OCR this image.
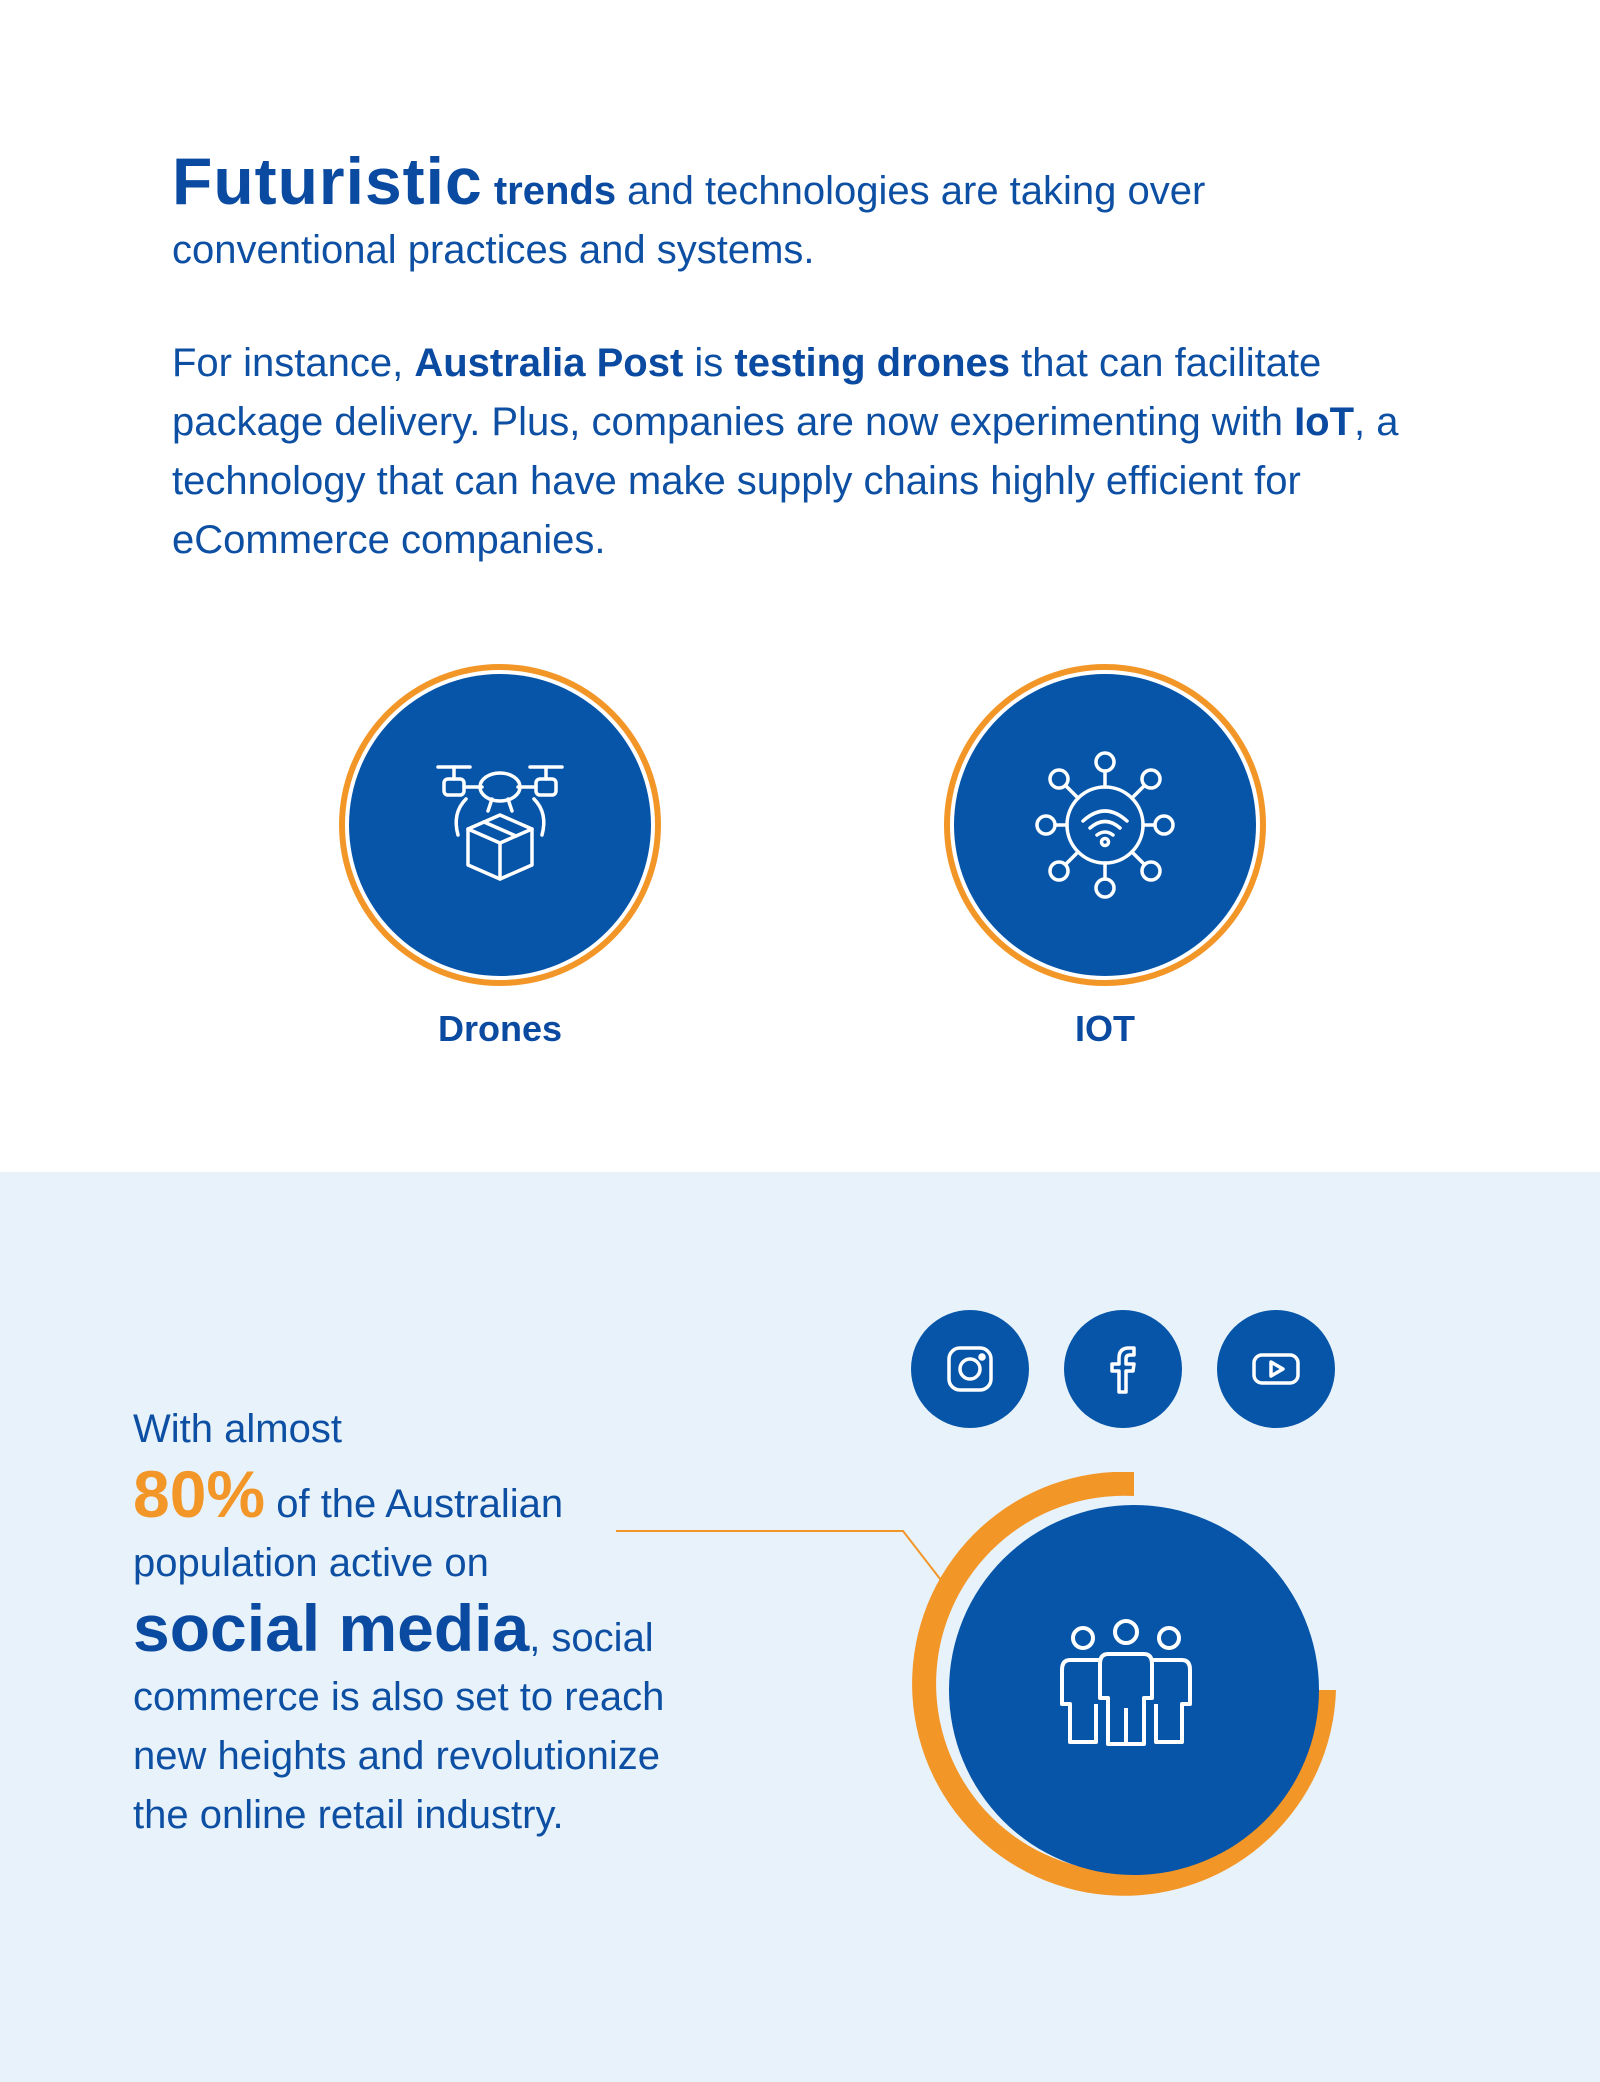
Futuristic trends and technologies are taking over
conventional practices and systems.
For instance, Australia Post is testing drones that can facilitate package delivery. Plus, companies are now experimenting with IoT, a technology that can have make supply chains highly efficient for eCommerce companies.
Drones	IOT
With almost
80% of the Australian
population active on
social media, social
commerce is also set to reach
new heights and revolutionize
the online retail industry.
